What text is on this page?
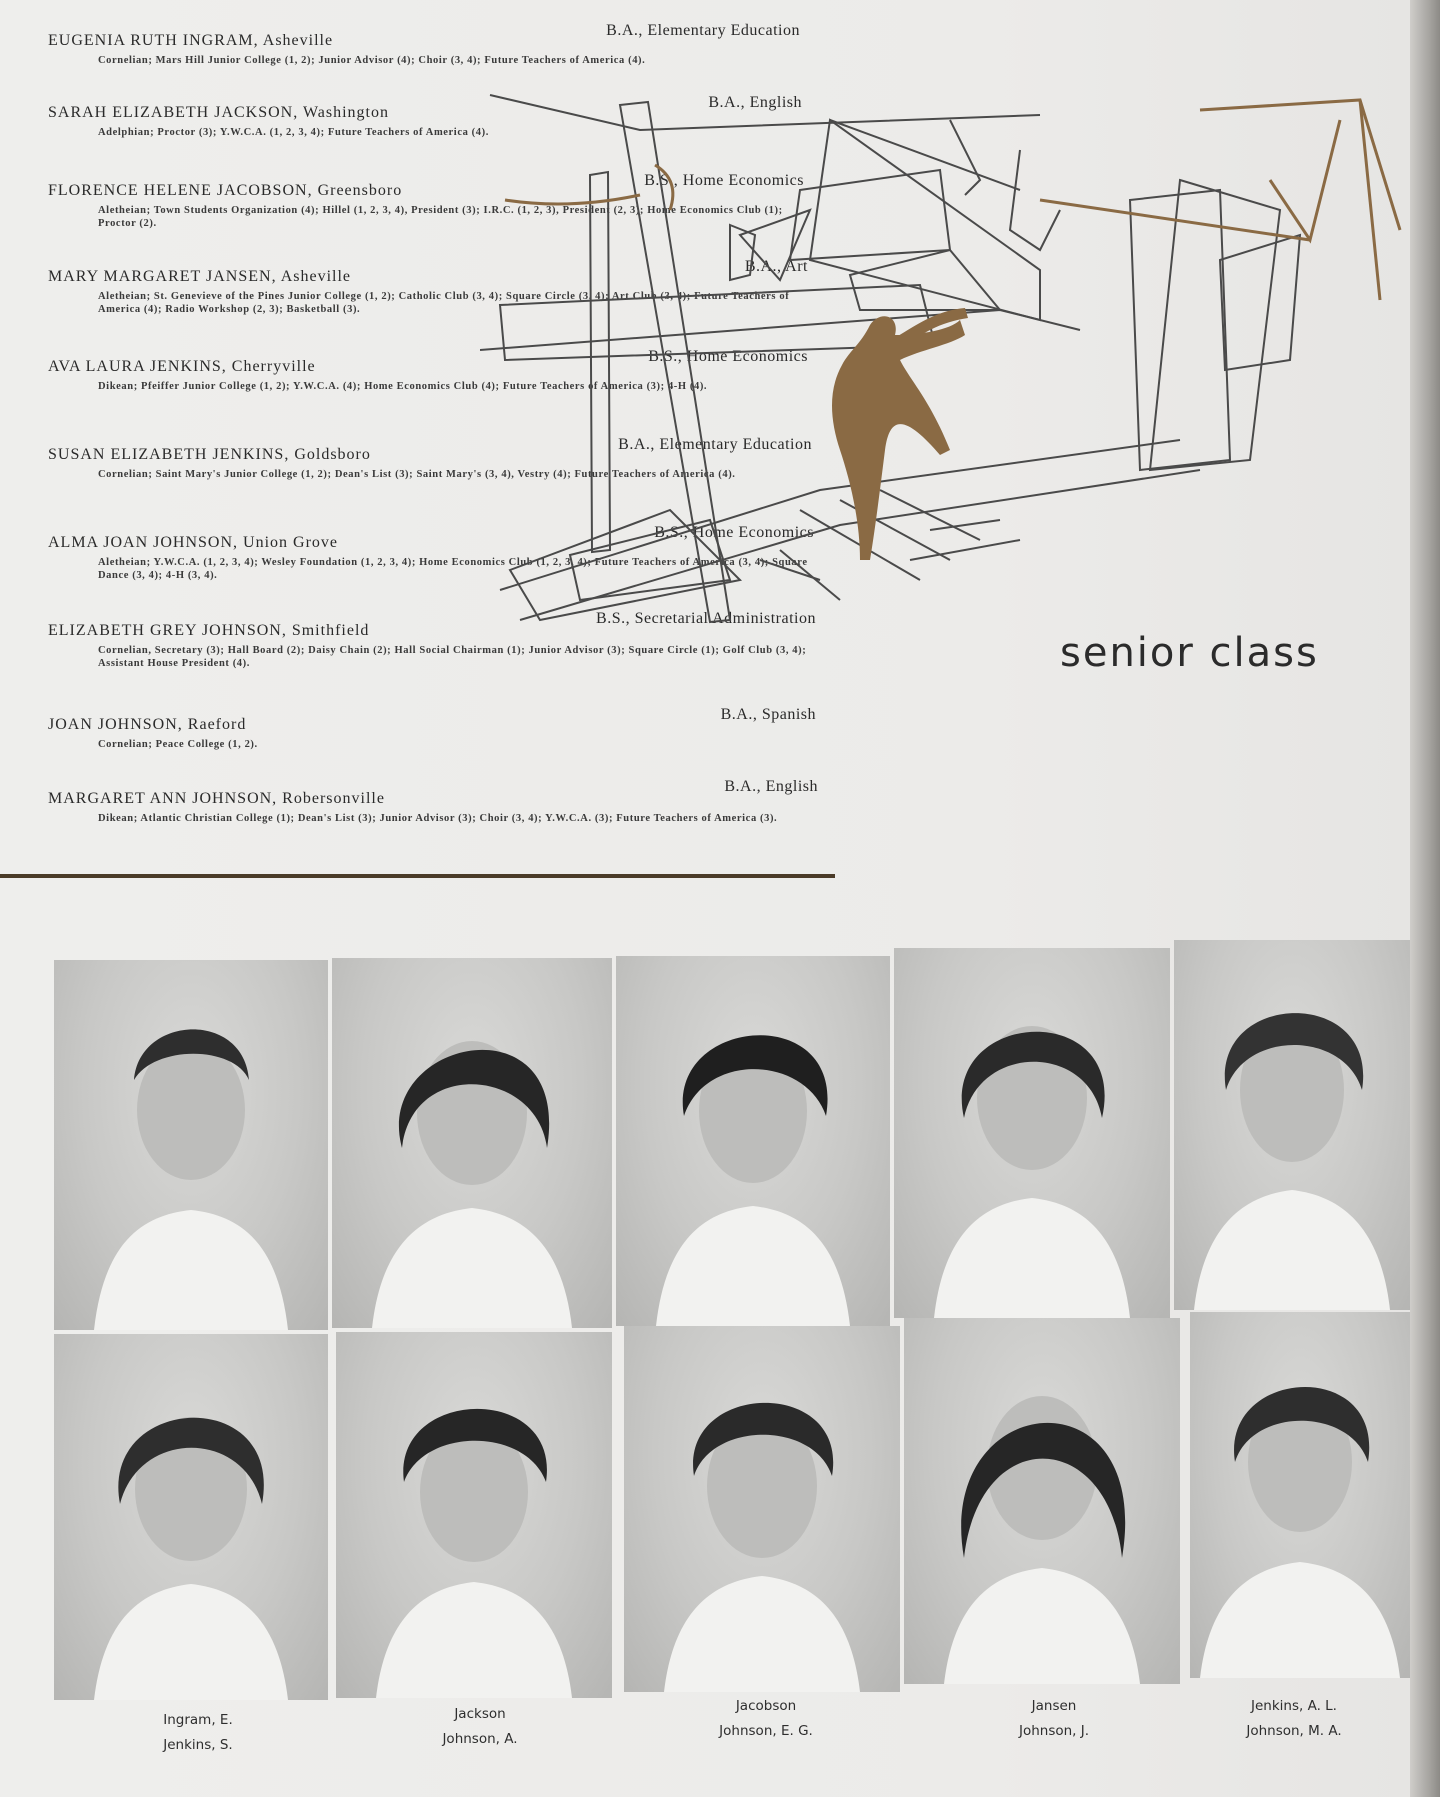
EUGENIA RUTH INGRAM, Asheville
B.A., Elementary Education
Cornelian; Mars Hill Junior College (1, 2); Junior Advisor (4); Choir (3, 4); Future Teachers of America (4).
SARAH ELIZABETH JACKSON, Washington
B.A., English
Adelphian; Proctor (3); Y.W.C.A. (1, 2, 3, 4); Future Teachers of America (4).
FLORENCE HELENE JACOBSON, Greensboro
B.S., Home Economics
Aletheian; Town Students Organization (4); Hillel (1, 2, 3, 4), President (3); I.R.C. (1, 2, 3), President (2, 3); Home Economics Club (1); Proctor (2).
MARY MARGARET JANSEN, Asheville
B.A., Art
Aletheian; St. Genevieve of the Pines Junior College (1, 2); Catholic Club (3, 4); Square Circle (3, 4); Art Club (3, 4); Future Teachers of America (4); Radio Workshop (2, 3); Basketball (3).
AVA LAURA JENKINS, Cherryville
B.S., Home Economics
Dikean; Pfeiffer Junior College (1, 2); Y.W.C.A. (4); Home Economics Club (4); Future Teachers of America (3); 4-H (4).
SUSAN ELIZABETH JENKINS, Goldsboro
B.A., Elementary Education
Cornelian; Saint Mary's Junior College (1, 2); Dean's List (3); Saint Mary's (3, 4), Vestry (4); Future Teachers of America (4).
ALMA JOAN JOHNSON, Union Grove
B.S., Home Economics
Aletheian; Y.W.C.A. (1, 2, 3, 4); Wesley Foundation (1, 2, 3, 4); Home Economics Club (1, 2, 3, 4); Future Teachers of America (3, 4); Square Dance (3, 4); 4-H (3, 4).
ELIZABETH GREY JOHNSON, Smithfield
B.S., Secretarial Administration
Cornelian, Secretary (3); Hall Board (2); Daisy Chain (2); Hall Social Chairman (1); Junior Advisor (3); Square Circle (1); Golf Club (3, 4); Assistant House President (4).
JOAN JOHNSON, Raeford
B.A., Spanish
Cornelian; Peace College (1, 2).
MARGARET ANN JOHNSON, Robersonville
B.A., English
Dikean; Atlantic Christian College (1); Dean's List (3); Junior Advisor (3); Choir (3, 4); Y.W.C.A. (3); Future Teachers of America (3).
senior class
Ingram, E.
Jenkins, S.
Jackson
Johnson, A.
Jacobson
Johnson, E. G.
Jansen
Johnson, J.
Jenkins, A. L.
Johnson, M. A.
